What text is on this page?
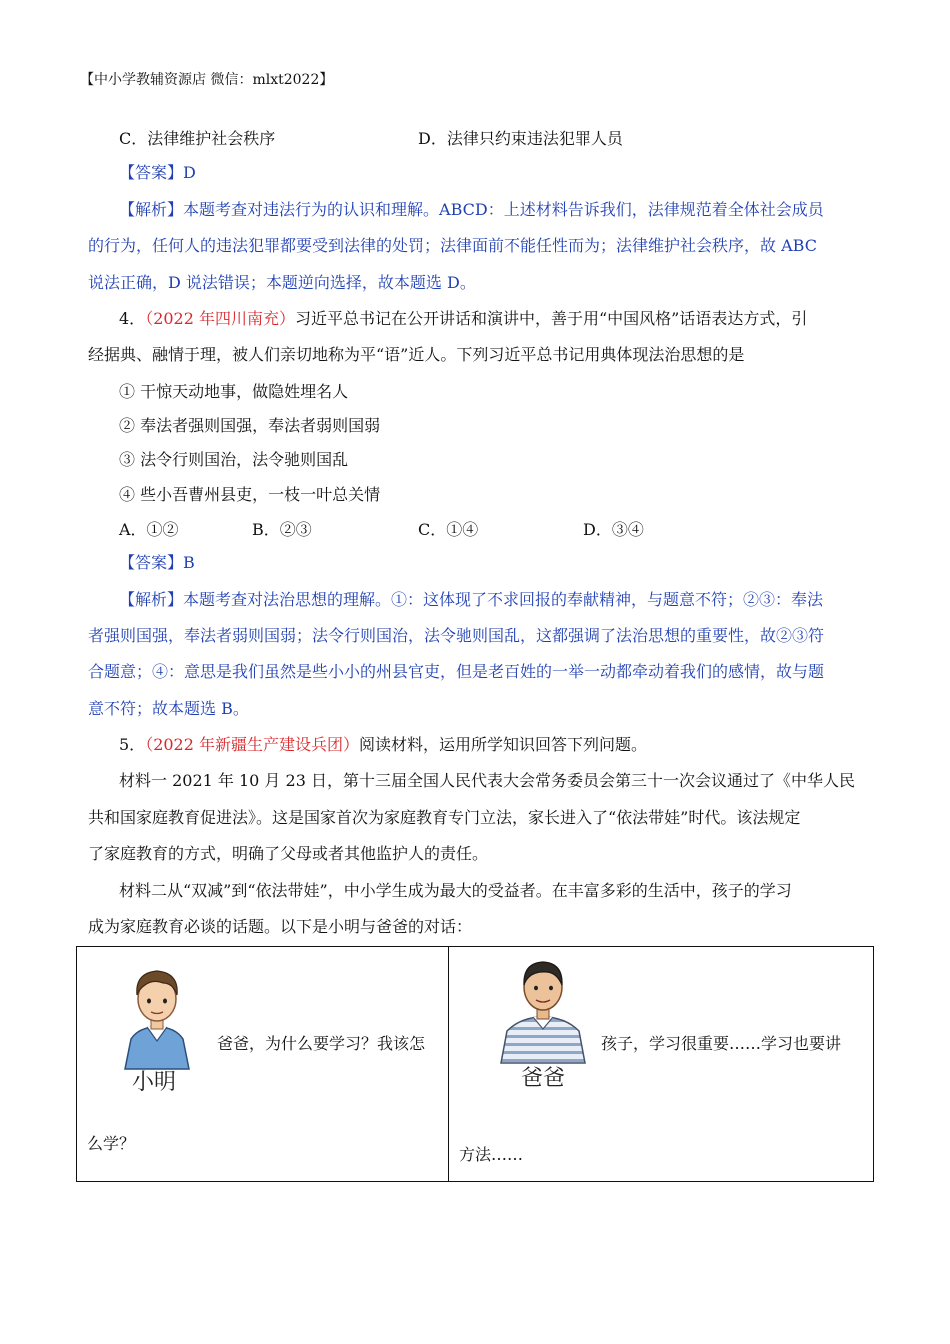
【中小学教辅资源店 微信：mlxt2022】
C．法律维护社会秩序	D．法律只约束违法犯罪人员
【答案】D
【解析】本题考查对违法行为的认识和理解。ABCD：上述材料告诉我们，法律规范着全体社会成员
的行为，任何人的违法犯罪都要受到法律的处罚；法律面前不能任性而为；法律维护社会秩序，故 ABC
说法正确，D 说法错误；本题逆向选择，故本题选 D。
4．（2022 年四川南充）习近平总书记在公开讲话和演讲中，善于用“中国风格”话语表达方式，引
经据典、融情于理，被人们亲切地称为平“语”近人。下列习近平总书记用典体现法治思想的是
① 干惊天动地事，做隐姓埋名人
② 奉法者强则国强，奉法者弱则国弱
③ 法令行则国治，法令驰则国乱
④ 些小吾曹州县吏，一枝一叶总关情
A．①②	B．②③	C．①④	D．③④
【答案】B
【解析】本题考查对法治思想的理解。①：这体现了不求回报的奉献精神，与题意不符；②③：奉法
者强则国强，奉法者弱则国弱；法令行则国治，法令驰则国乱，这都强调了法治思想的重要性，故②③符
合题意；④：意思是我们虽然是些小小的州县官吏，但是老百姓的一举一动都牵动着我们的感情，故与题
意不符；故本题选 B。
5．（2022 年新疆生产建设兵团）阅读材料，运用所学知识回答下列问题。
材料一 2021 年 10 月 23 日，第十三届全国人民代表大会常务委员会第三十一次会议通过了《中华人民
共和国家庭教育促进法》。这是国家首次为家庭教育专门立法，家长进入了“依法带娃”时代。该法规定
了家庭教育的方式，明确了父母或者其他监护人的责任。
材料二从“双减”到“依法带娃”，中小学生成为最大的受益者。在丰富多彩的生活中，孩子的学习
成为家庭教育必谈的话题。以下是小明与爸爸的对话：
小明
爸爸，为什么要学习？我该怎
么学？

爸爸
孩子，学习很重要……学习也要讲
方法……
